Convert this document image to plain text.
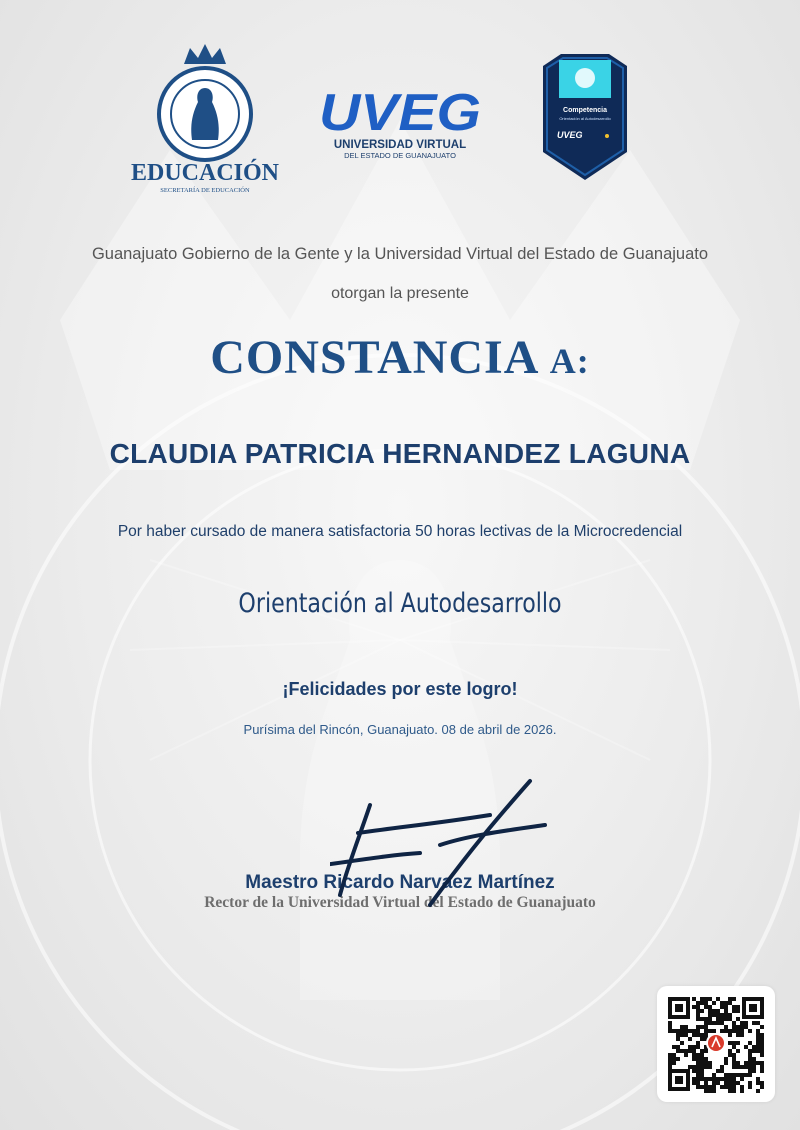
EDUCACIÓN
SECRETARÍA DE EDUCACIÓN
UVEG
UNIVERSIDAD VIRTUAL
DEL ESTADO DE GUANAJUATO
Competencia
Orientación al Autodesarrollo
UVEG
Guanajuato Gobierno de la Gente y la Universidad Virtual del Estado de Guanajuato
otorgan la presente
CONSTANCIA A:
CLAUDIA PATRICIA HERNANDEZ LAGUNA
Por haber cursado de manera satisfactoria 50 horas lectivas de la Microcredencial
Orientación al Autodesarrollo
¡Felicidades por este logro!
Purísima del Rincón, Guanajuato. 08 de abril de 2026.
Maestro Ricardo Narvaez Martínez
Rector de la Universidad Virtual del Estado de Guanajuato
